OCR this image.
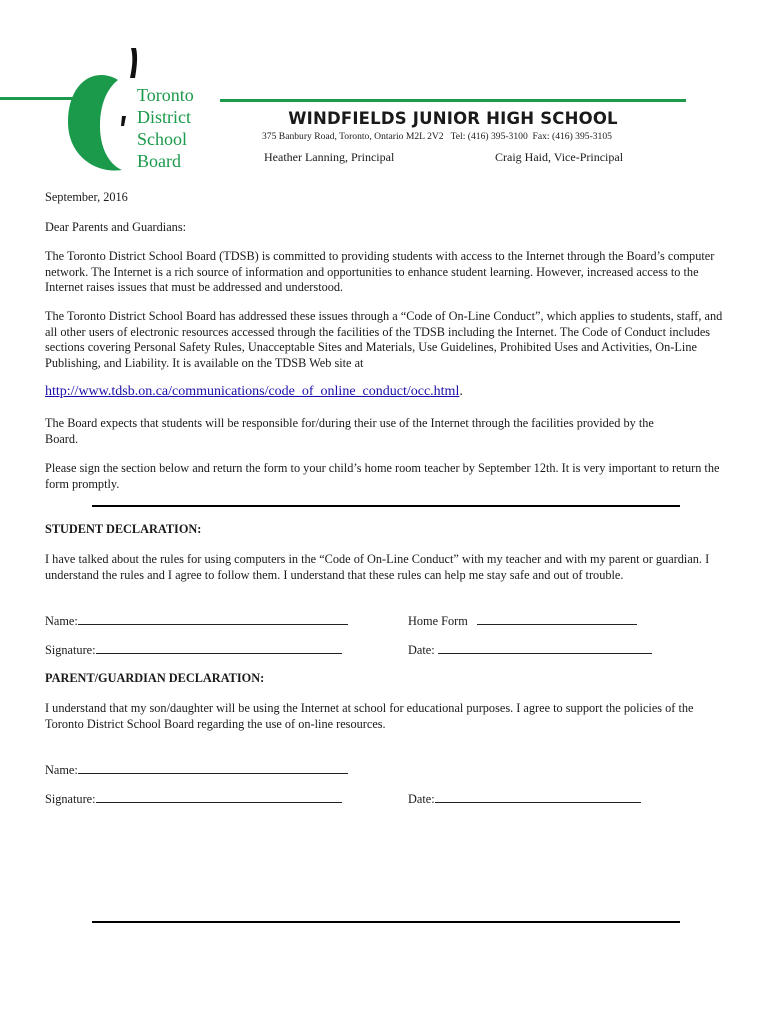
Toronto
District
School
Board
WINDFIELDS JUNIOR HIGH SCHOOL
375 Banbury Road, Toronto, Ontario M2L 2V2   Tel: (416) 395-3100  Fax: (416) 395-3105
Heather Lanning, Principal	Craig Haid, Vice-Principal
September, 2016
Dear Parents and Guardians:

The Toronto District School Board (TDSB) is committed to providing students with access to the Internet through the Board’s computer network. The Internet is a rich source of information and opportunities to enhance student learning. However, increased access to the Internet raises issues that must be addressed and understood.

The Toronto District School Board has addressed these issues through a “Code of On-Line Conduct”, which applies to students, staff, and all other users of electronic resources accessed through the facilities of the TDSB including the Internet. The Code of Conduct includes sections covering Personal Safety Rules, Unacceptable Sites and Materials, Use Guidelines, Prohibited Uses and Activities, On-Line Publishing, and Liability. It is available on the TDSB Web site at

http://www.tdsb.on.ca/communications/code_of_online_conduct/occ.html.

The Board expects that students will be responsible for/during their use of the Internet through the facilities provided by the Board.

Please sign the section below and return the form to your child’s home room teacher by September 12th. It is very important to return the form promptly.

STUDENT DECLARATION:

I have talked about the rules for using computers in the “Code of On-Line Conduct” with my teacher and with my parent or guardian. I understand the rules and I agree to follow them. I understand that these rules can help me stay safe and out of trouble.

Name:	Home Form
Signature:	Date:
PARENT/GUARDIAN DECLARATION:

I understand that my son/daughter will be using the Internet at school for educational purposes. I agree to support the policies of the Toronto District School Board regarding the use of on-line resources.

Name:
Signature:	Date:
